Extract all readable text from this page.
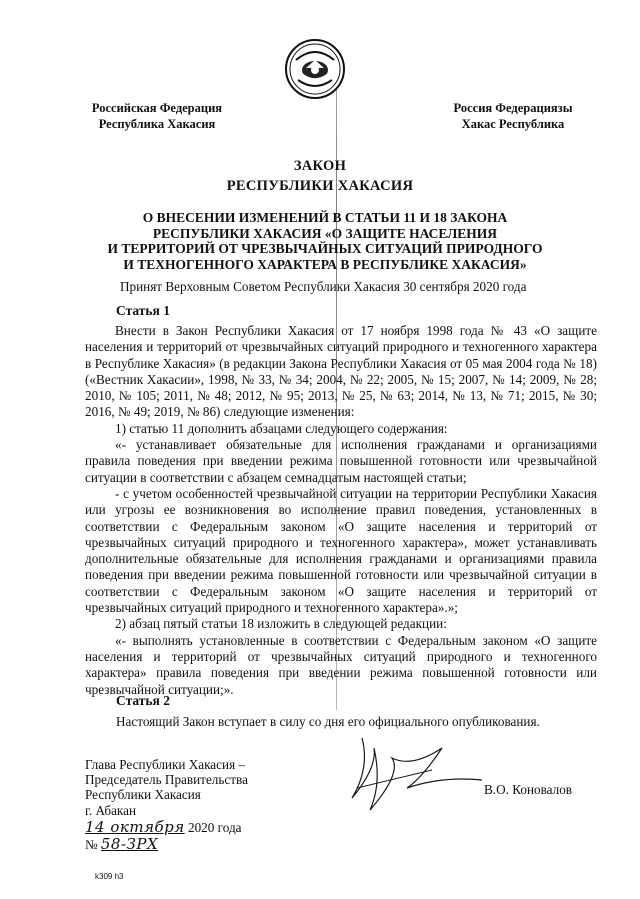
Российская Федерация
Республика Хакасия
Россия Федерациязы
Хакас Республика
ЗАКОН
РЕСПУБЛИКИ ХАКАСИЯ
О ВНЕСЕНИИ ИЗМЕНЕНИЙ В СТАТЬИ 11 И 18 ЗАКОНА
РЕСПУБЛИКИ ХАКАСИЯ «О ЗАЩИТЕ НАСЕЛЕНИЯ
И ТЕРРИТОРИЙ ОТ ЧРЕЗВЫЧАЙНЫХ СИТУАЦИЙ ПРИРОДНОГО
И ТЕХНОГЕННОГО ХАРАКТЕРА В РЕСПУБЛИКЕ ХАКАСИЯ»
Принят Верховным Советом Республики Хакасия 30 сентября 2020 года
Статья 1

Внести в Закон Республики Хакасия от 17 ноября 1998 года № 43 «О защите населения и территорий от чрезвычайных ситуаций природного и техногенного характера в Республике Хакасия» (в редакции Закона Республики Хакасия от 05 мая 2004 года № 18) («Вестник Хакасии», 1998, № 33, № 34; 2004, № 22; 2005, № 15; 2007, № 14; 2009, № 28; 2010, № 105; 2011, № 48; 2012, № 95; 2013, № 25, № 63; 2014, № 13, № 71; 2015, № 30; 2016, № 49; 2019, № 86) следующие изменения:

1) статью 11 дополнить абзацами следующего содержания:

«- устанавливает обязательные для исполнения гражданами и организациями правила поведения при введении режима повышенной готовности или чрезвычайной ситуации в соответствии с абзацем семнадцатым настоящей статьи;

- с учетом особенностей чрезвычайной ситуации на территории Республики Хакасия или угрозы ее возникновения во исполнение правил поведения, установленных в соответствии с Федеральным законом «О защите населения и территорий от чрезвычайных ситуаций природного и техногенного характера», может устанавливать дополнительные обязательные для исполнения гражданами и организациями правила поведения при введении режима повышенной готовности или чрезвычайной ситуации в соответствии с Федеральным законом «О защите населения и территорий от чрезвычайных ситуаций природного и техногенного характера».»;

2) абзац пятый статьи 18 изложить в следующей редакции:

«- выполнять установленные в соответствии с Федеральным законом «О защите населения и территорий от чрезвычайных ситуаций природного и техногенного характера» правила поведения при введении режима повышенной готовности или чрезвычайной ситуации;».

Статья 2
Настоящий Закон вступает в силу со дня его официального опубликования.
Глава Республики Хакасия –
Председатель Правительства
Республики Хакасия	В.О. Коновалов
г. Абакан
14 октября 2020 года
№ 58-ЗРХ
k309 h3
